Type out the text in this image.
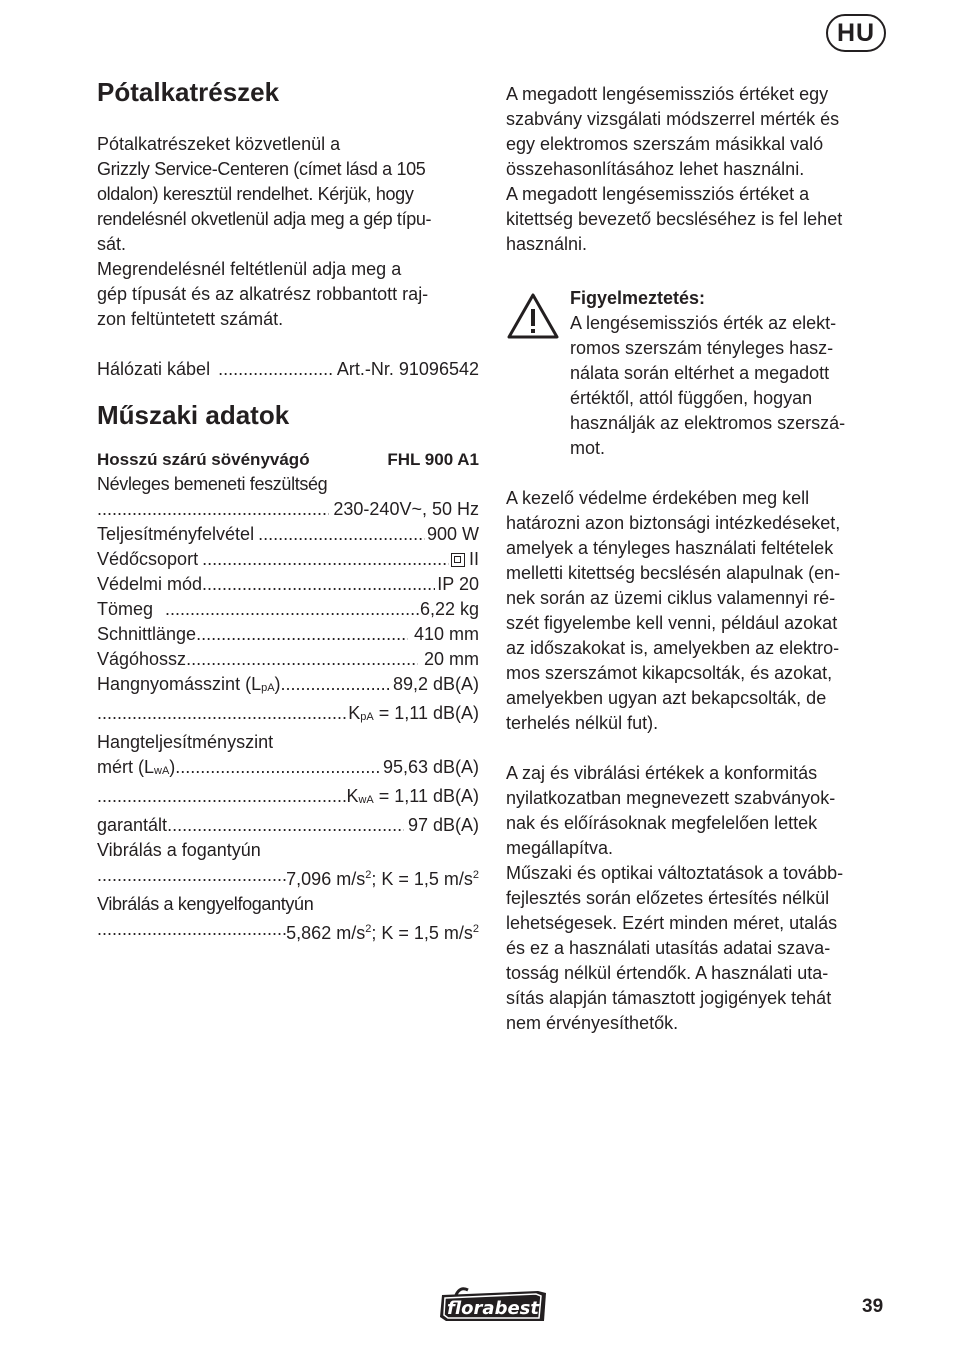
HU
Pótalkatrészek

Pótalkatrészeket közvetlenül a

Grizzly Service-Centeren (címet lásd a 105

oldalon) keresztül rendelhet. Kérjük, hogy

rendelésnél okvetlenül adja meg a gép típu-

sát.

Megrendelésnél feltétlenül adja meg a

gép típusát és az alkatrész robbantott raj-

zon feltüntetett számát.

Hálózati kábel .....	Art.-Nr. 91096542
Műszaki adatok
Hosszú szárú sövényvágó	FHL 900 A1

Névleges bemeneti feszültség

.....
230-240V~, 50 Hz
Teljesítményfelvétel .....	900 W
Védőcsoport .....	II
Védelmi mód .....	IP 20
Tömeg .....	6,22 kg
Schnittlänge .....	410 mm
Vágóhossz .....	20 mm
Hangnyomásszint $(L_{pA})$ .....	89,2 dB(A)
.....
$K_{pA} = 1,11$ dB(A)

Hangteljesítményszint

mért $(L_{wA})$ .....	95,63 dB(A)
.....
$K_{wA} = 1,11$ dB(A)
garantált .....	97 dB(A)

Vibrálás a fogantyún

.....
7,096 $m/s^2$; K = 1,5 $m/s^2$

Vibrálás a kengyelfogantyún

.....
5,862 $m/s^2$; K = 1,5 $m/s^2$

A megadott lengésemissziós értéket egy

szabvány vizsgálati módszerrel mérték és

egy elektromos szerszám másikkal való

összehasonlításához lehet használni.

A megadott lengésemissziós értéket a

kitettség bevezető becsléséhez is fel lehet

használni.

Figyelmeztetés:

A lengésemissziós érték az elekt-

romos szerszám tényleges hasz-

nálata során eltérhet a megadott

értéktől, attól függően, hogyan

használják az elektromos szerszá-

mot.

A kezelő védelme érdekében meg kell

határozni azon biztonsági intézkedéseket,

amelyek a tényleges használati feltételek

melletti kitettség becslésén alapulnak (en-

nek során az üzemi ciklus valamennyi ré-

szét figyelembe kell venni, például azokat

az időszakokat is, amelyekben az elektro-

mos szerszámot kikapcsolták, és azokat,

amelyekben ugyan azt bekapcsolták, de

terhelés nélkül fut).

A zaj és vibrálási értékek a konformitás

nyilatkozatban megnevezett szabványok-

nak és előírásoknak megfelelően lettek

megállapítva.

Műszaki és optikai változtatások a tovább-

fejlesztés során előzetes értesítés nélkül

lehetségesek. Ezért minden méret, utalás

és ez a használati utasítás adatai szava-

tosság nélkül értendők. A használati uta-

sítás alapján támasztott jogigények tehát

nem érvényesíthetők.

florabest	39
